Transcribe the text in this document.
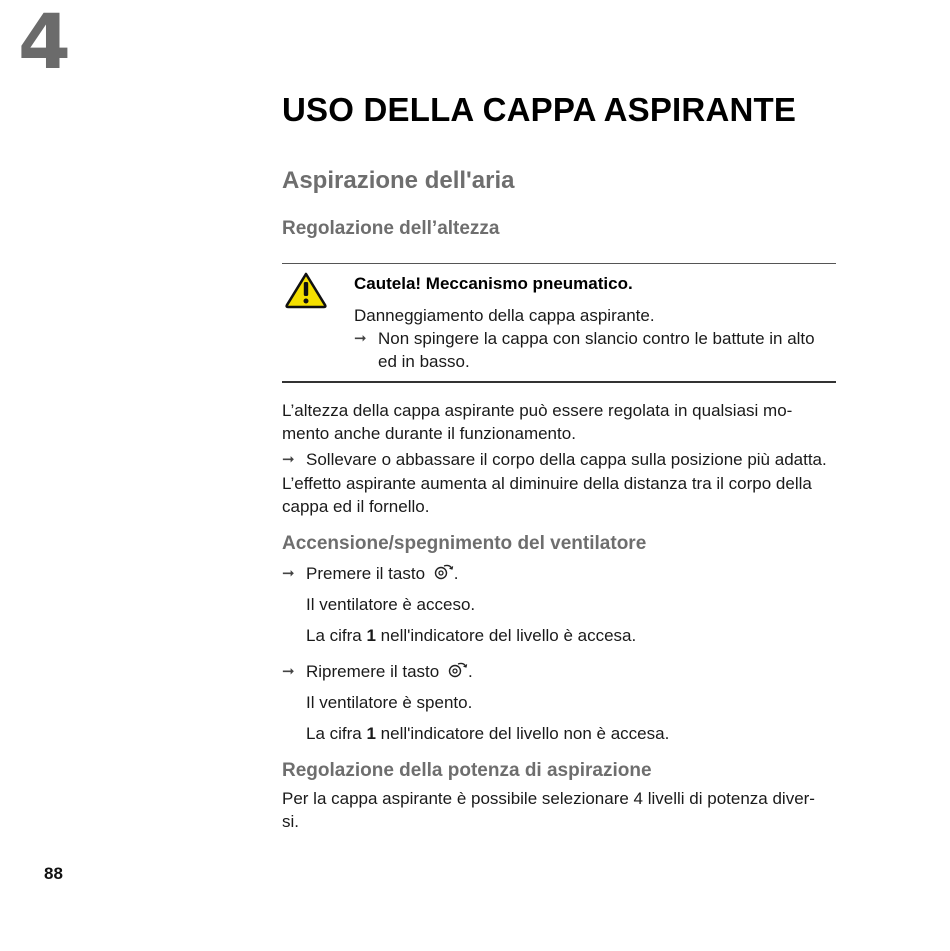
4
USO DELLA CAPPA ASPIRANTE
Aspirazione dell'aria
Regolazione dell’altezza
Cautela! Meccanismo pneumatico.

Danneggiamento della cappa aspirante.

➞ Non spingere la cappa con slancio contro le battute in alto ed in basso.

L’altezza della cappa aspirante può essere regolata in qualsiasi mo- mento anche durante il funzionamento.

➞ Sollevare o abbassare il corpo della cappa sulla posizione più adatta.

L’effetto aspirante aumenta al diminuire della distanza tra il corpo della cappa ed il fornello.

Accensione/spegnimento del ventilatore
➞ Premere il tasto .

Il ventilatore è acceso.

La cifra 1 nell'indicatore del livello è accesa.

➞ Ripremere il tasto .

Il ventilatore è spento.

La cifra 1 nell'indicatore del livello non è accesa.

Regolazione della potenza di aspirazione

Per la cappa aspirante è possibile selezionare 4 livelli di potenza diver- si.

88
